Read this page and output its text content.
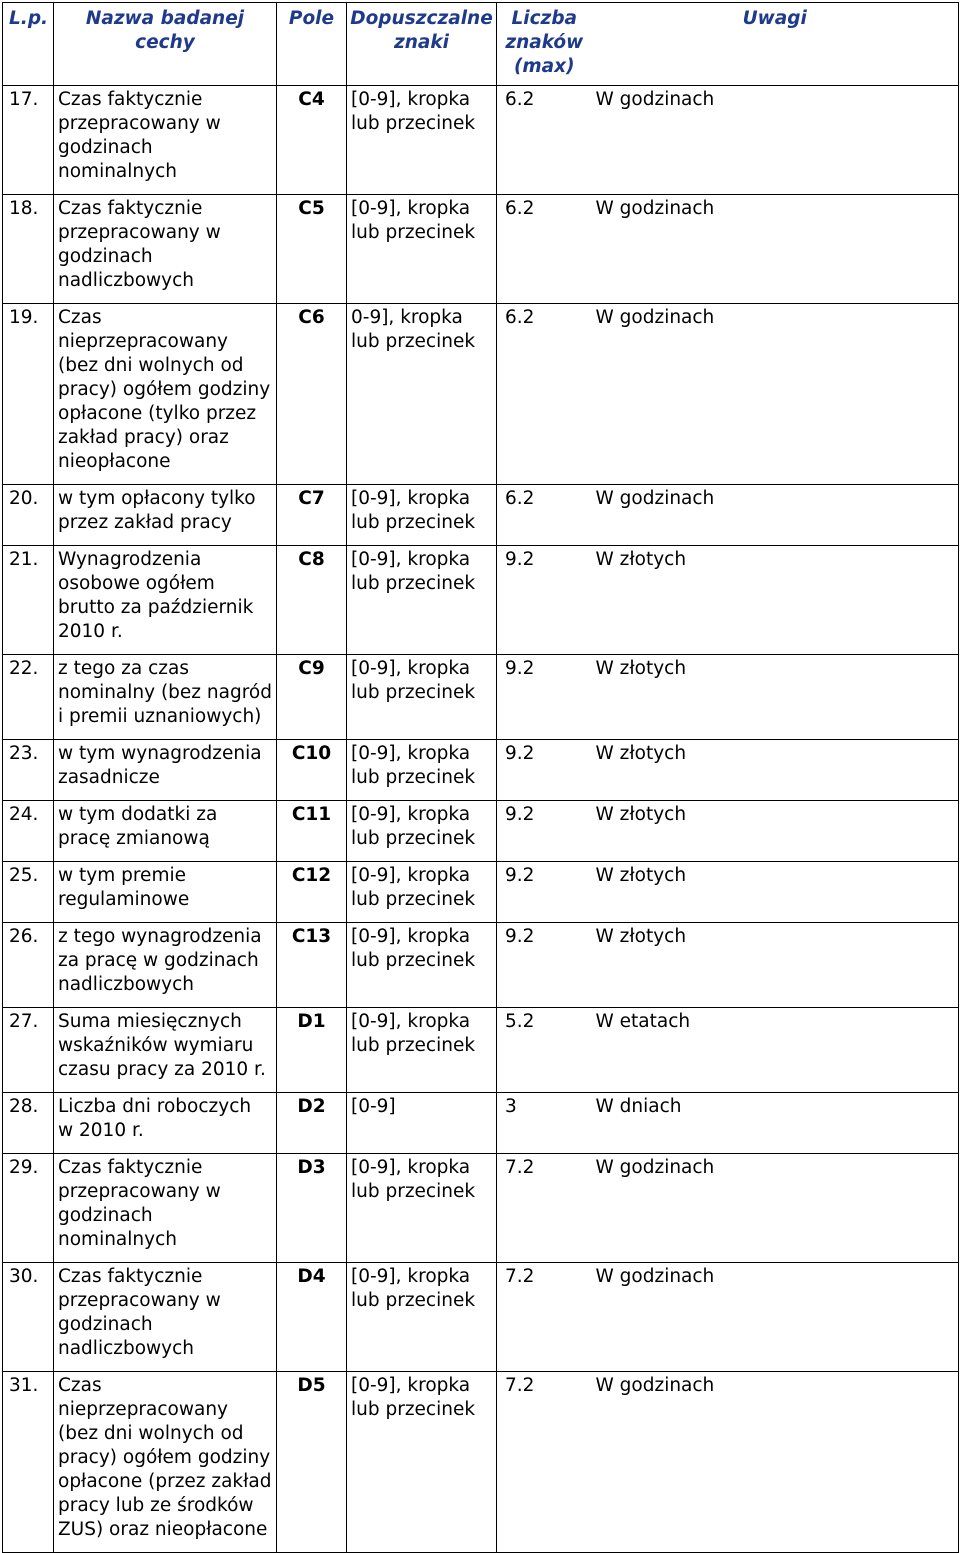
L.p.	Nazwa badanej cechy	Pole	Dopuszczalne znaki	Liczba znaków (max)	Uwagi
17.	Czas faktycznie przepracowany w godzinach nominalnych	C4	[0-9], kropka lub przecinek	6.2	W godzinach
18.	Czas faktycznie przepracowany w godzinach nadliczbowych	C5	[0-9], kropka lub przecinek	6.2	W godzinach
19.	Czas nieprzepracowany (bez dni wolnych od pracy) ogółem godziny opłacone (tylko przez zakład pracy) oraz nieopłacone	C6	0-9], kropka lub przecinek	6.2	W godzinach
20.	w tym opłacony tylko przez zakład pracy	C7	[0-9], kropka lub przecinek	6.2	W godzinach
21.	Wynagrodzenia osobowe ogółem brutto za październik 2010 r.	C8	[0-9], kropka lub przecinek	9.2	W złotych
22.	z tego za czas nominalny (bez nagród i premii uznaniowych)	C9	[0-9], kropka lub przecinek	9.2	W złotych
23.	w tym wynagrodzenia zasadnicze	C10	[0-9], kropka lub przecinek	9.2	W złotych
24.	w tym dodatki za pracę zmianową	C11	[0-9], kropka lub przecinek	9.2	W złotych
25.	w tym premie regulaminowe	C12	[0-9], kropka lub przecinek	9.2	W złotych
26.	z tego wynagrodzenia za pracę w godzinach nadliczbowych	C13	[0-9], kropka lub przecinek	9.2	W złotych
27.	Suma miesięcznych wskaźników wymiaru czasu pracy za 2010 r.	D1	[0-9], kropka lub przecinek	5.2	W etatach
28.	Liczba dni roboczych w 2010 r.	D2	[0-9]	3	W dniach
29.	Czas faktycznie przepracowany w godzinach nominalnych	D3	[0-9], kropka lub przecinek	7.2	W godzinach
30.	Czas faktycznie przepracowany w godzinach nadliczbowych	D4	[0-9], kropka lub przecinek	7.2	W godzinach
31.	Czas nieprzepracowany (bez dni wolnych od pracy) ogółem godziny opłacone (przez zakład pracy lub ze środków ZUS) oraz nieopłacone	D5	[0-9], kropka lub przecinek	7.2	W godzinach
